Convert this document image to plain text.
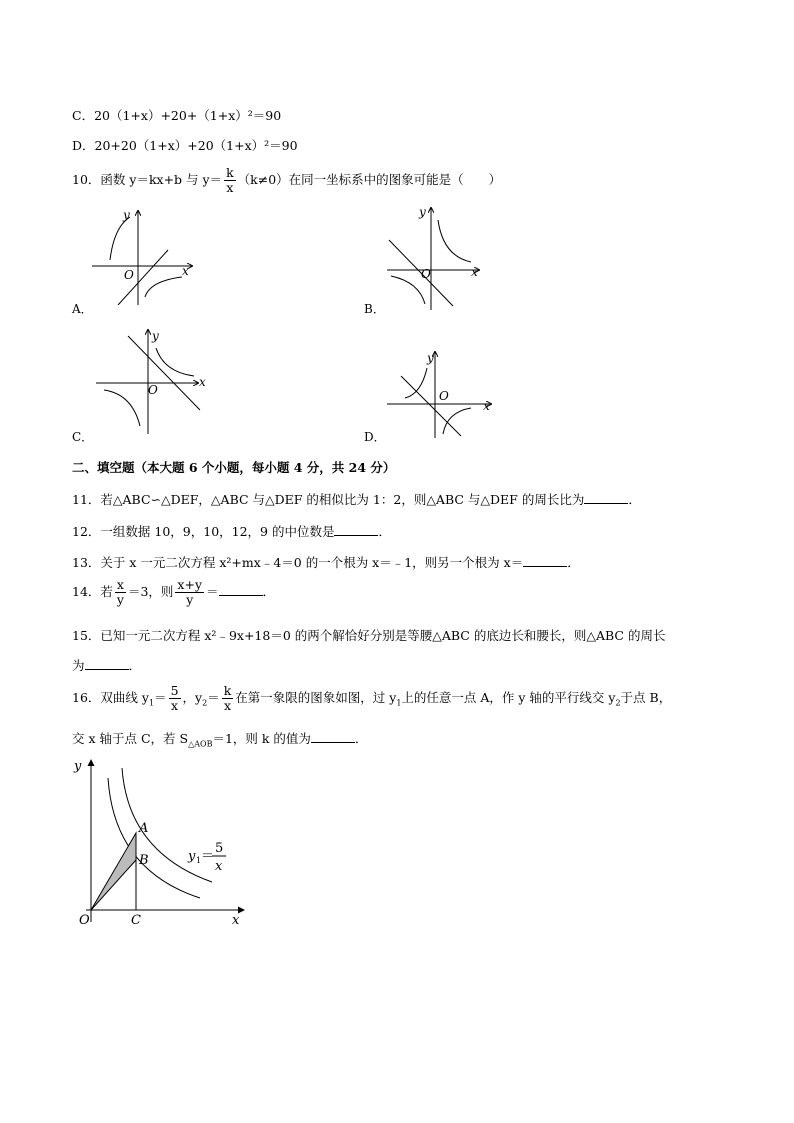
C．20（1+x）+20+（1+x）²＝90
D．20+20（1+x）+20（1+x）²＝90
10．函数 y＝kx+b 与 $y= \frac{k}{x} (k\ne 0)$在同一坐标系中的图象可能是（　　）
O	x
y
A．
O	x
y
B．
O
x
y
C．
O
x
y
D．
二、填空题（本大题 6 个小题，每小题 4 分，共 24 分）
11．若△ABC∽△DEF，△ABC 与△DEF 的相似比为 1：2，则△ABC 与△DEF 的周长比为	．
12．一组数据 10，9，10，12，9 的中位数是	．
13．关于 x 一元二次方程 x²+mx﹣4＝0 的一个根为 x＝﹣1，则另一个根为 x＝	．
14．若 $\frac{x}{y} =3$，则 $\frac{x+y}{y}$ ＝	．
15．已知一元二次方程 x²﹣9x+18＝0 的两个解恰好分别是等腰△ABC 的底边长和腰长，则△ABC 的周长
为	．
16．双曲线 $y_1= \frac{5}{x}$ ，$y_2= \frac{k}{x}$ 在第一象限的图象如图，过 $y_1$上的任意一点 A，作 y 轴的平行线交 $y_2$于点 B，
交 x 轴于点 C，若 $S_{\triangle AOB}=1$，则 k 的值为	．
y
x
O
A
B
C
y 1 ＝
5
x
